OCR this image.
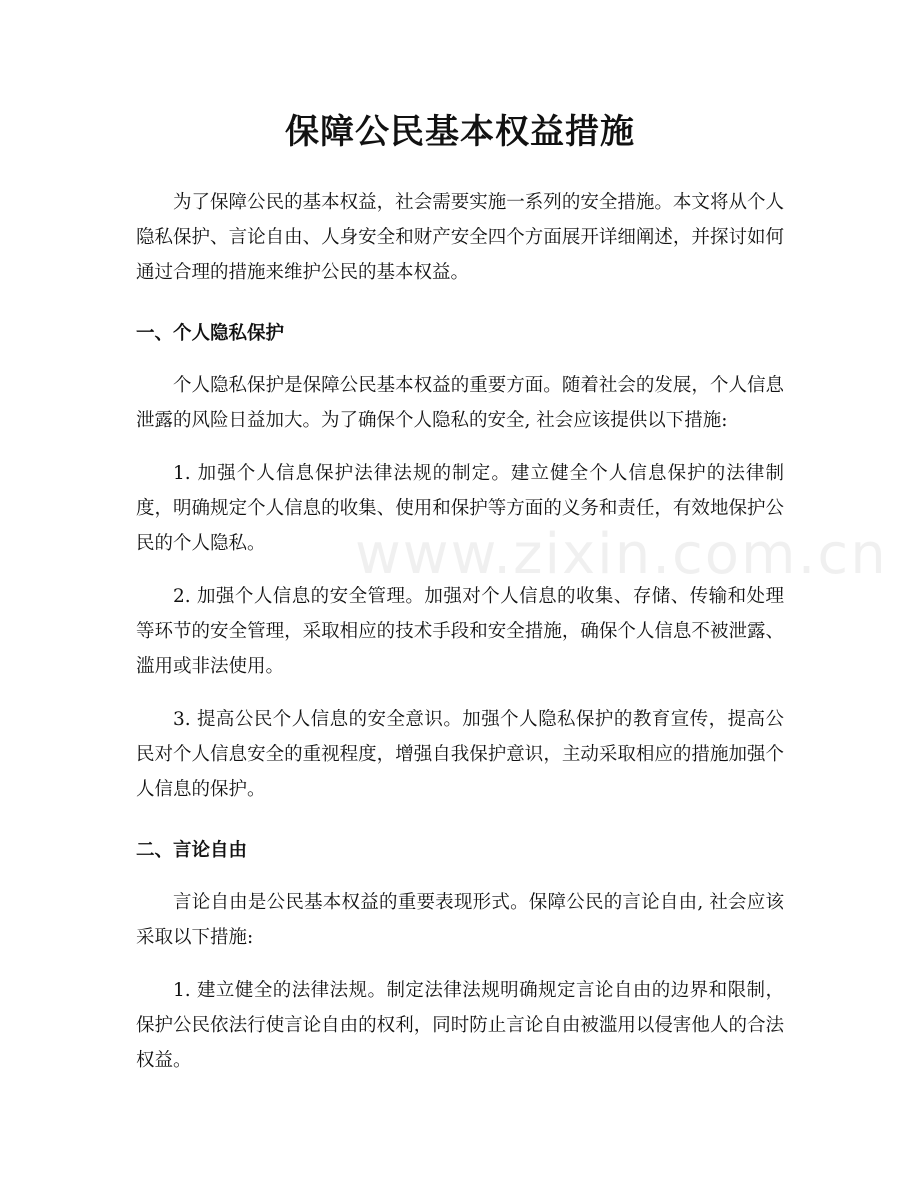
保障公民基本权益措施

为了保障公民的基本权益，社会需要实施一系列的安全措施。本文将从个人隐私保护、言论自由、人身安全和财产安全四个方面展开详细阐述，并探讨如何通过合理的措施来维护公民的基本权益。

一、个人隐私保护

个人隐私保护是保障公民基本权益的重要方面。随着社会的发展，个人信息泄露的风险日益加大。为了确保个人隐私的安全, 社会应该提供以下措施:

1. 加强个人信息保护法律法规的制定。建立健全个人信息保护的法律制度，明确规定个人信息的收集、使用和保护等方面的义务和责任，有效地保护公民的个人隐私。

2. 加强个人信息的安全管理。加强对个人信息的收集、存储、传输和处理等环节的安全管理，采取相应的技术手段和安全措施，确保个人信息不被泄露、滥用或非法使用。

3. 提高公民个人信息的安全意识。加强个人隐私保护的教育宣传，提高公民对个人信息安全的重视程度，增强自我保护意识，主动采取相应的措施加强个人信息的保护。

二、言论自由

言论自由是公民基本权益的重要表现形式。保障公民的言论自由, 社会应该采取以下措施:

1. 建立健全的法律法规。制定法律法规明确规定言论自由的边界和限制，保护公民依法行使言论自由的权利，同时防止言论自由被滥用以侵害他人的合法权益。

www.zixin.com.cn
